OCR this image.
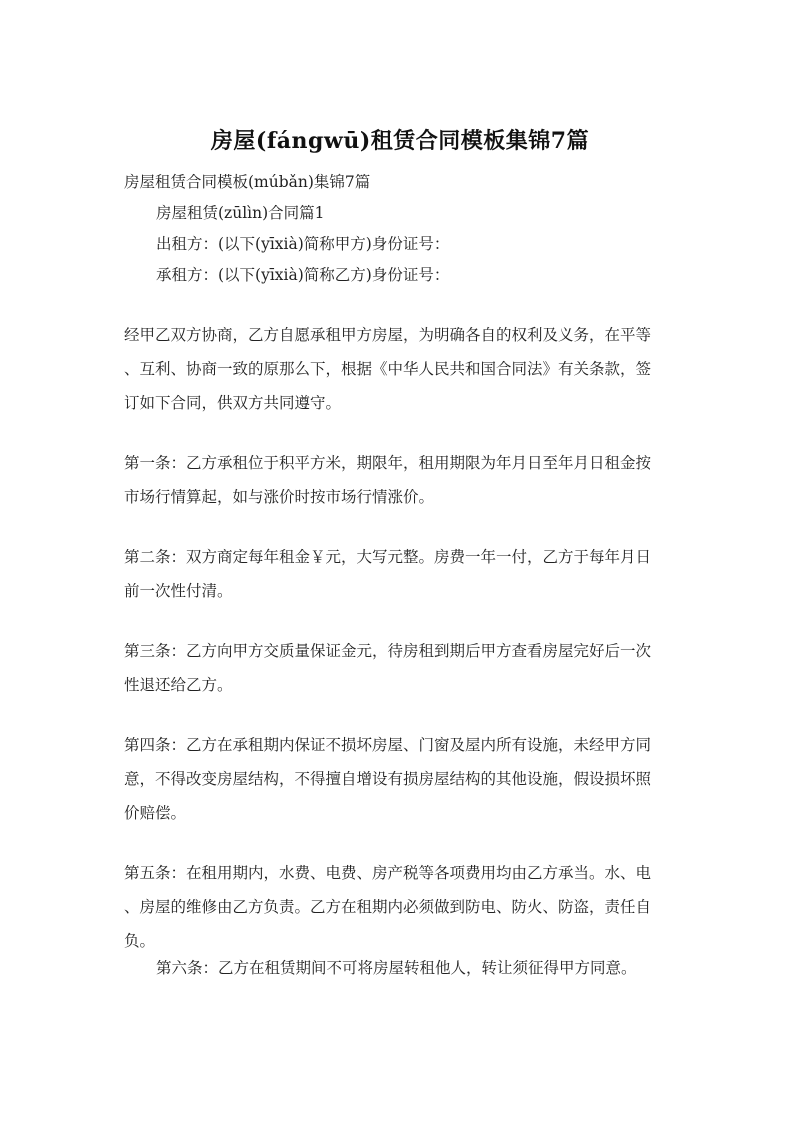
房屋(fángwū)租赁合同模板集锦7篇
房屋租赁合同模板(múbǎn)集锦7篇
房屋租赁(zūlìn)合同篇1
出租方：(以下(yīxià)简称甲方)身份证号：
承租方：(以下(yīxià)简称乙方)身份证号：
经甲乙双方协商，乙方自愿承租甲方房屋，为明确各自的权利及义务，在平等
、互利、协商一致的原那么下，根据《中华人民共和国合同法》有关条款，签
订如下合同，供双方共同遵守。
第一条：乙方承租位于积平方米，期限年，租用期限为年月日至年月日租金按
市场行情算起，如与涨价时按市场行情涨价。
第二条：双方商定每年租金￥元，大写元整。房费一年一付，乙方于每年月日
前一次性付清。
第三条：乙方向甲方交质量保证金元，待房租到期后甲方查看房屋完好后一次
性退还给乙方。
第四条：乙方在承租期内保证不损坏房屋、门窗及屋内所有设施，未经甲方同
意，不得改变房屋结构，不得擅自增设有损房屋结构的其他设施，假设损坏照
价赔偿。
第五条：在租用期内，水费、电费、房产税等各项费用均由乙方承当。水、电
、房屋的维修由乙方负责。乙方在租期内必须做到防电、防火、防盗，责任自
负。
第六条：乙方在租赁期间不可将房屋转租他人，转让须征得甲方同意。
